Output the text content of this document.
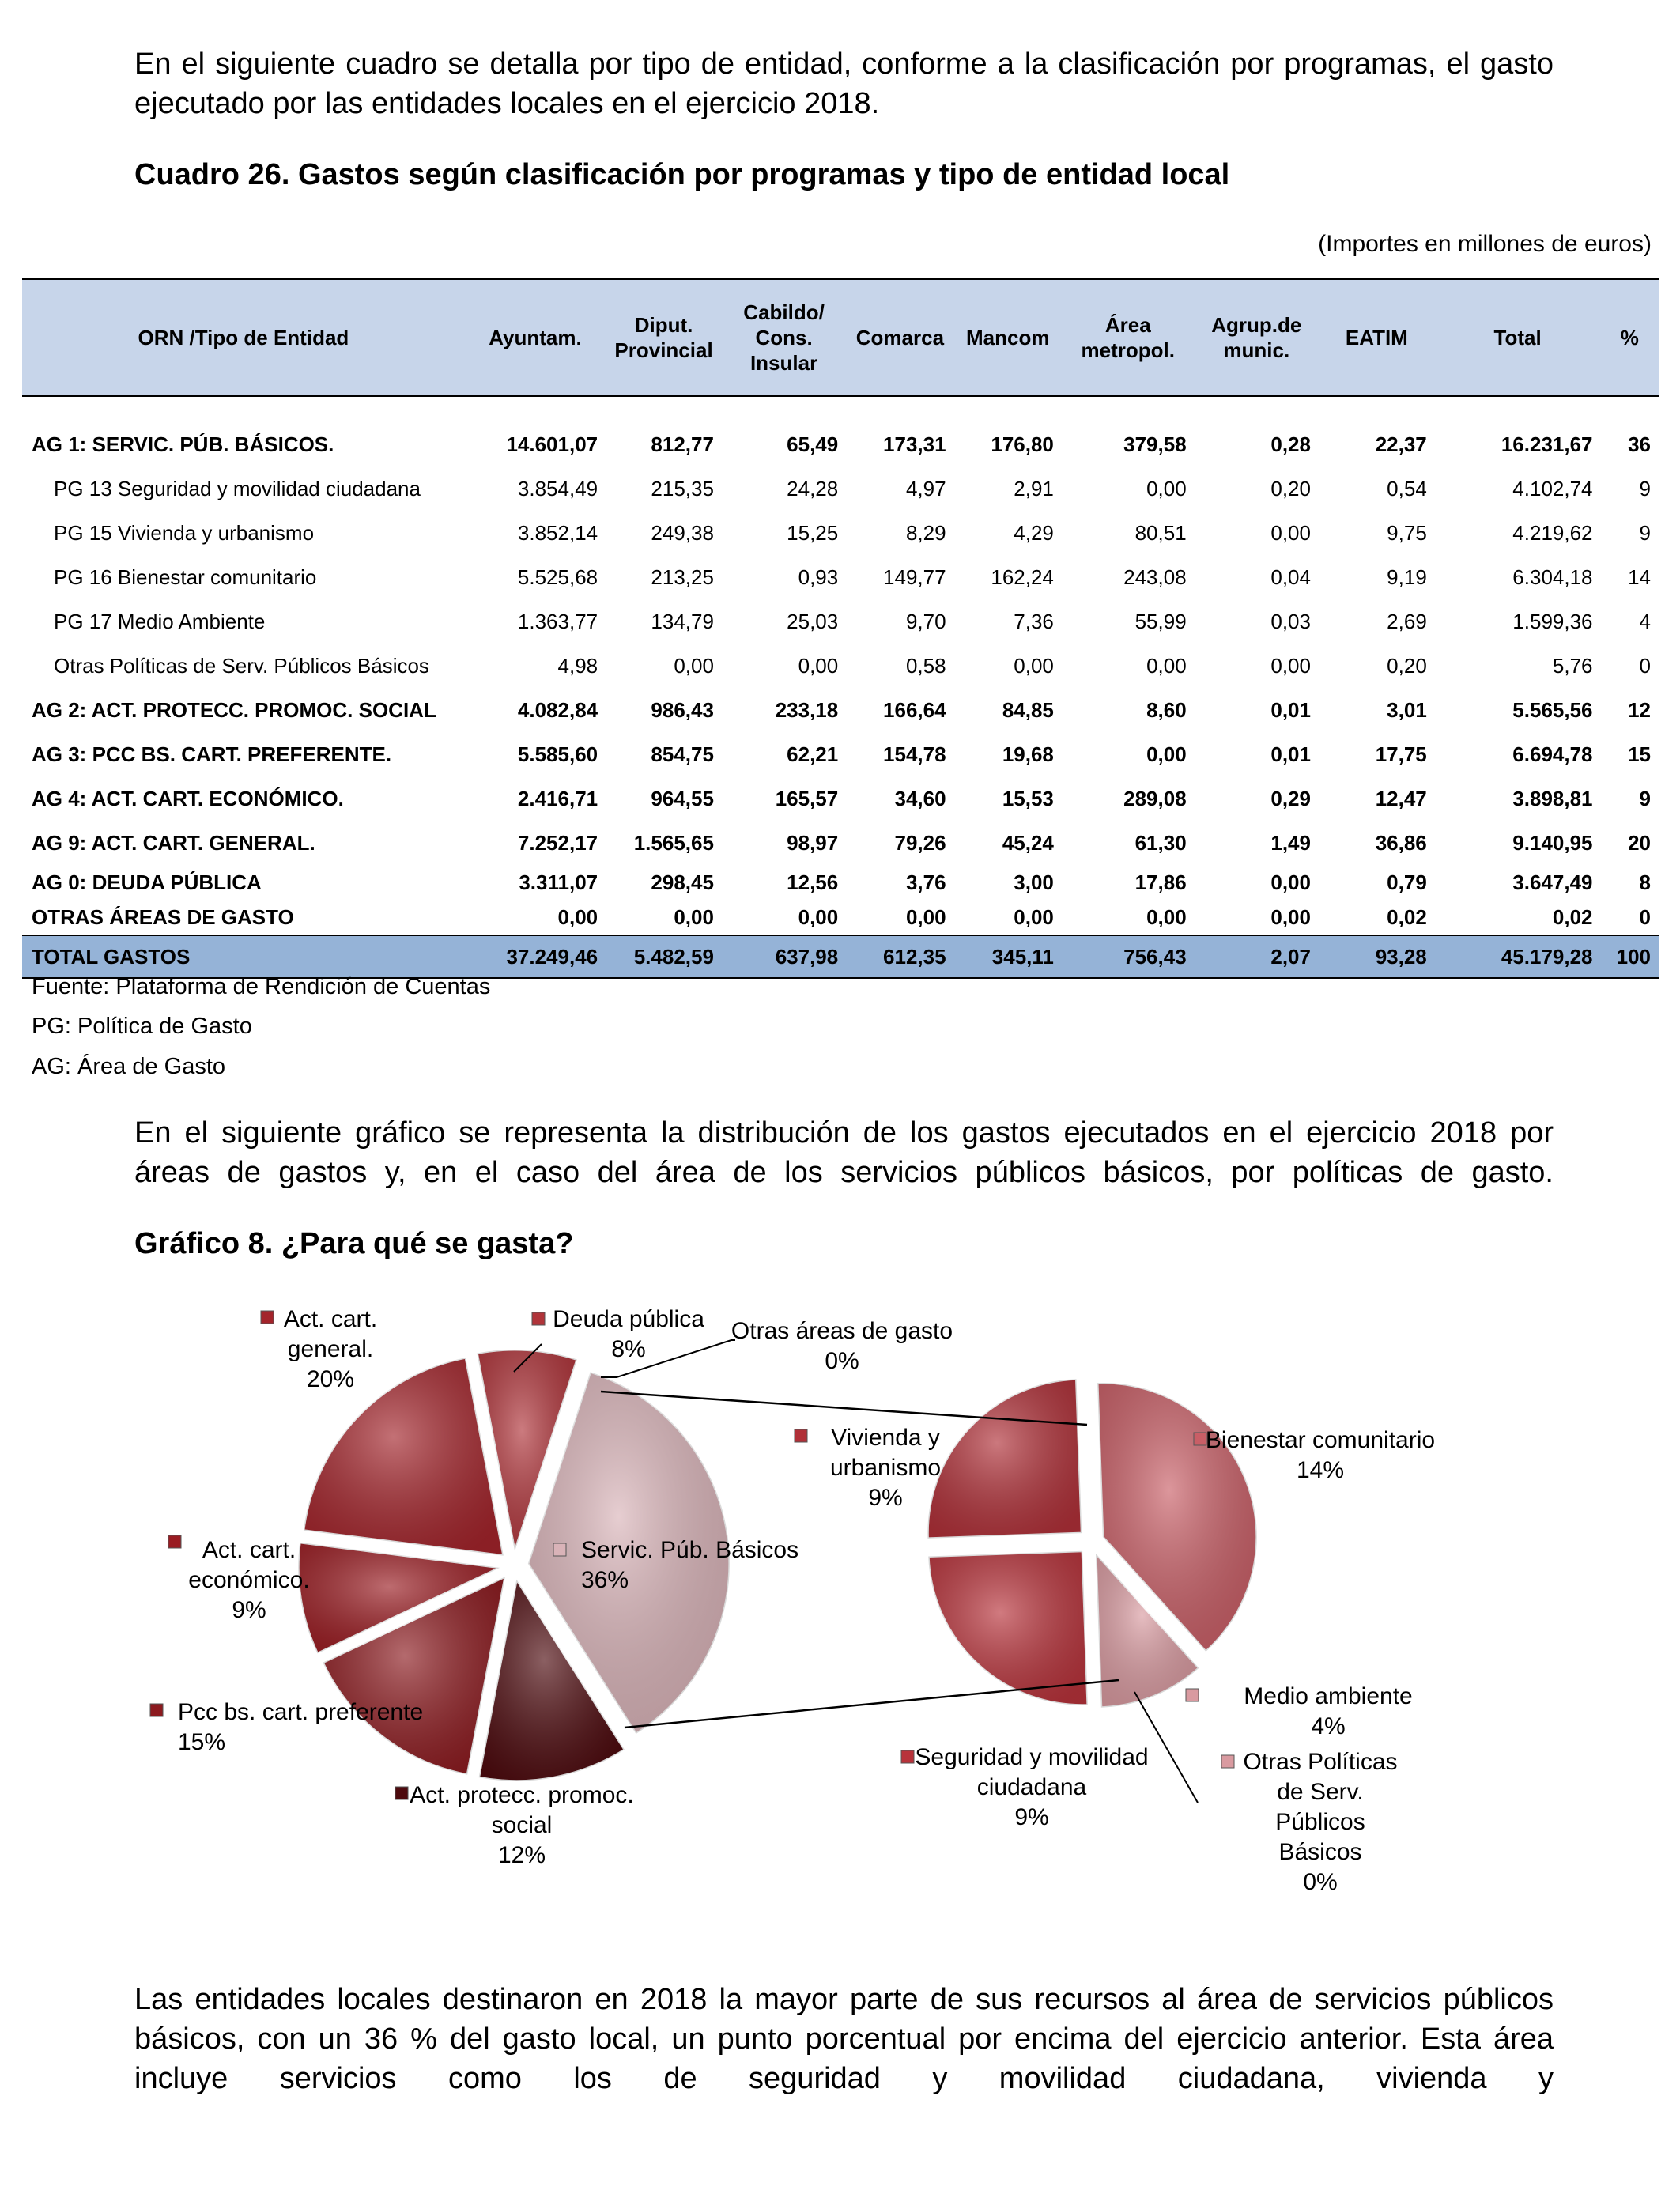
En el siguiente cuadro se detalla por tipo de entidad, conforme a la clasificación por programas, el gasto ejecutado por las entidades locales en el ejercicio 2018.
Cuadro 26. Gastos según clasificación por programas y tipo de entidad local
(Importes en millones de euros)
ORN /Tipo de Entidad	Ayuntam.	Diput. Provincial	Cabildo/ Cons. Insular	Comarca	Mancom	Área metropol.	Agrup.de munic.	EATIM	Total	%

AG 1: SERVIC. PÚB. BÁSICOS.	14.601,07	812,77	65,49	173,31	176,80	379,58	0,28	22,37	16.231,67	36
PG 13 Seguridad y movilidad ciudadana	3.854,49	215,35	24,28	4,97	2,91	0,00	0,20	0,54	4.102,74	9
PG 15 Vivienda y urbanismo	3.852,14	249,38	15,25	8,29	4,29	80,51	0,00	9,75	4.219,62	9
PG 16 Bienestar comunitario	5.525,68	213,25	0,93	149,77	162,24	243,08	0,04	9,19	6.304,18	14
PG 17 Medio Ambiente	1.363,77	134,79	25,03	9,70	7,36	55,99	0,03	2,69	1.599,36	4
Otras Políticas de Serv. Públicos Básicos	4,98	0,00	0,00	0,58	0,00	0,00	0,00	0,20	5,76	0
AG 2: ACT. PROTECC. PROMOC. SOCIAL	4.082,84	986,43	233,18	166,64	84,85	8,60	0,01	3,01	5.565,56	12
AG 3: PCC BS. CART. PREFERENTE.	5.585,60	854,75	62,21	154,78	19,68	0,00	0,01	17,75	6.694,78	15
AG 4: ACT. CART. ECONÓMICO.	2.416,71	964,55	165,57	34,60	15,53	289,08	0,29	12,47	3.898,81	9
AG 9: ACT. CART. GENERAL.	7.252,17	1.565,65	98,97	79,26	45,24	61,30	1,49	36,86	9.140,95	20
AG 0: DEUDA PÚBLICA	3.311,07	298,45	12,56	3,76	3,00	17,86	0,00	0,79	3.647,49	8
OTRAS ÁREAS DE GASTO	0,00	0,00	0,00	0,00	0,00	0,00	0,00	0,02	0,02	0
TOTAL GASTOS	37.249,46	5.482,59	637,98	612,35	345,11	756,43	2,07	93,28	45.179,28	100
Fuente: Plataforma de Rendición de Cuentas
PG: Política de Gasto
AG: Área de Gasto
En el siguiente gráfico se representa la distribución de los gastos ejecutados en el ejercicio 2018 por áreas de gastos y, en el caso del área de los servicios públicos básicos, por políticas de gasto.
Gráfico 8. ¿Para qué se gasta?
Act. cart.
general.
20%
Deuda pública
8%
Otras áreas de gasto
0%
Act. cart.
económico.
9%
Servic. Púb. Básicos
36%
Pcc bs. cart. preferente
15%
Act. protecc. promoc.
social
12%
Vivienda y
urbanismo
9%
Bienestar comunitario
14%
Medio ambiente
4%
Seguridad y movilidad
ciudadana
9%
Otras Políticas
de Serv.
Públicos
Básicos
0%
Las entidades locales destinaron en 2018 la mayor parte de sus recursos al área de servicios públicos básicos, con un 36 % del gasto local, un punto porcentual por encima del ejercicio anterior. Esta área incluye servicios como los de seguridad y movilidad ciudadana, vivienda y
